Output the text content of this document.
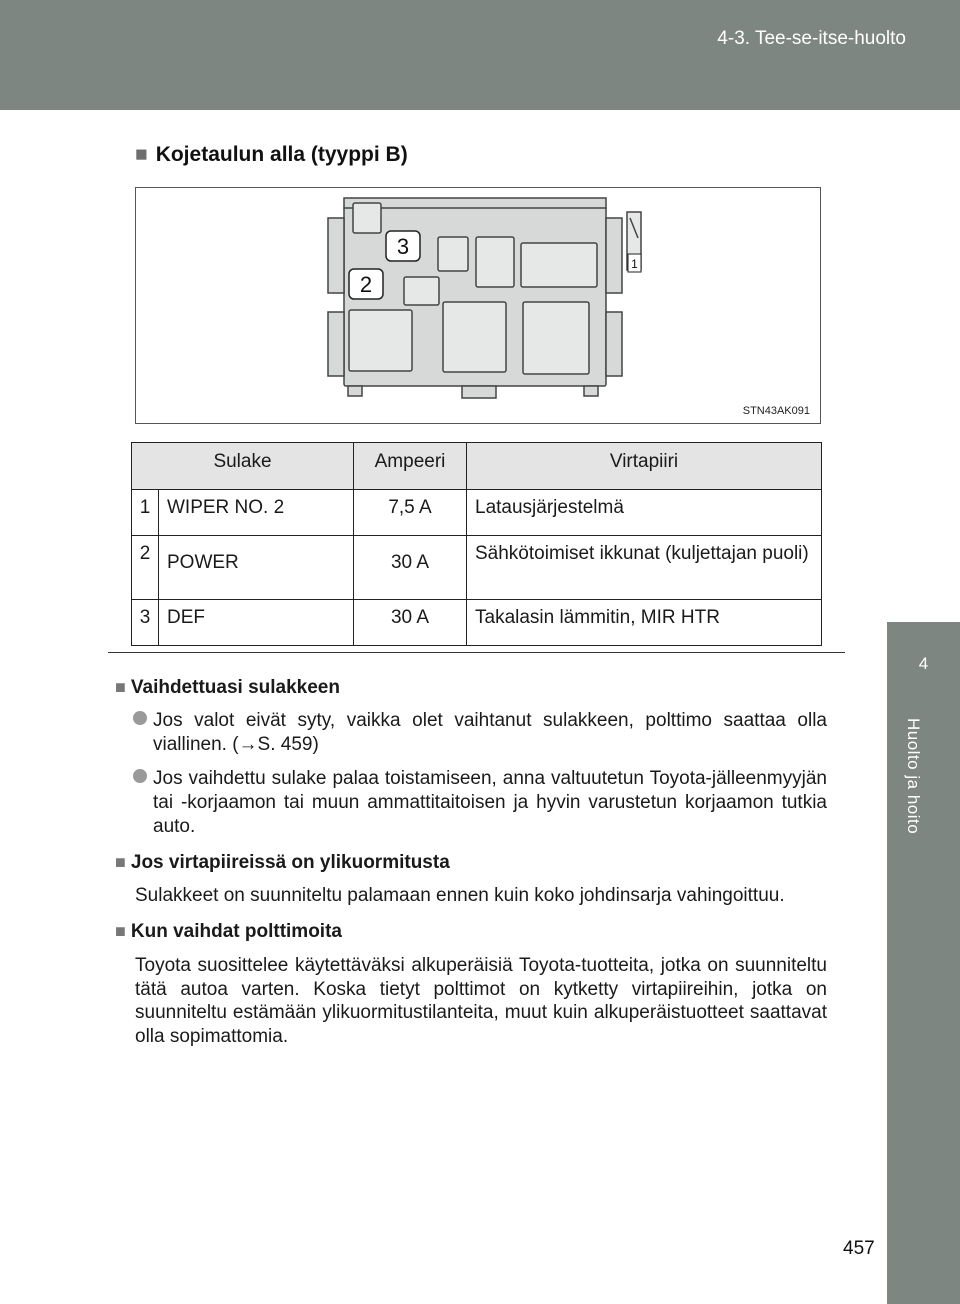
4-3. Tee-se-itse-huolto
4
Huolto ja hoito
■ Kojetaulun alla (tyyppi B)
3
2
1
STN43AK091
Sulake		Ampeeri	Virtapiiri
1	WIPER NO. 2	7,5 A	Latausjärjestelmä
2	POWER	30 A	Sähkötoimiset ikkunat (kuljettajan puoli)
3	DEF	30 A	Takalasin lämmitin, MIR HTR
■ Vaihdettuasi sulakkeen
Jos valot eivät syty, vaikka olet vaihtanut sulakkeen, polttimo saattaa olla viallinen. (→S. 459)
Jos vaihdettu sulake palaa toistamiseen, anna valtuutetun Toyota-jälleenmyyjän tai -korjaamon tai muun ammattitaitoisen ja hyvin varustetun korjaamon tutkia auto.
■ Jos virtapiireissä on ylikuormitusta
Sulakkeet on suunniteltu palamaan ennen kuin koko johdinsarja vahingoittuu.
■ Kun vaihdat polttimoita
Toyota suosittelee käytettäväksi alkuperäisiä Toyota-tuotteita, jotka on suunniteltu tätä autoa varten. Koska tietyt polttimot on kytketty virtapiireihin, jotka on suunniteltu estämään ylikuormitustilanteita, muut kuin alkuperäistuotteet saattavat olla sopimattomia.
457
